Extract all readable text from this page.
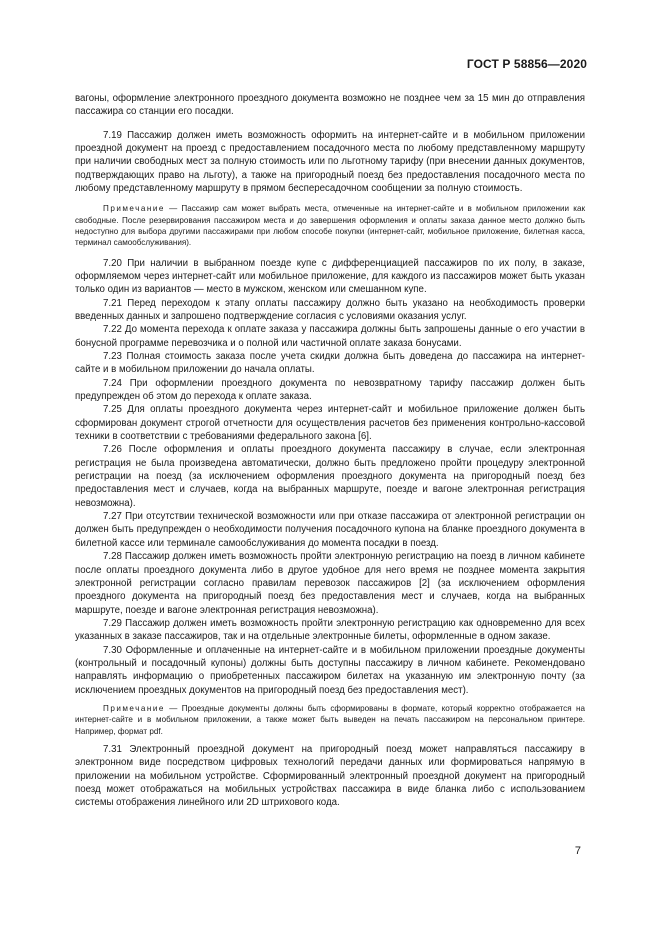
ГОСТ Р 58856—2020

вагоны, оформление электронного проездного документа возможно не позднее чем за 15 мин до отправления пассажира со станции его посадки.

7.19 Пассажир должен иметь возможность оформить на интернет-сайте и в мобильном приложении проездной документ на проезд с предоставлением посадочного места по любому представленному маршруту при наличии свободных мест за полную стоимость или по льготному тарифу (при внесении данных документов, подтверждающих право на льготу), а также на пригородный поезд без предоставления посадочного места по любому представленному маршруту в прямом беспересадочном сообщении за полную стоимость.

Примечание — Пассажир сам может выбрать места, отмеченные на интернет-сайте и в мобильном приложении как свободные. После резервирования пассажиром места и до завершения оформления и оплаты заказа данное место должно быть недоступно для выбора другими пассажирами при любом способе покупки (интернет-сайт, мобильное приложение, билетная касса, терминал самообслуживания).

7.20 При наличии в выбранном поезде купе с дифференциацией пассажиров по их полу, в заказе, оформляемом через интернет-сайт или мобильное приложение, для каждого из пассажиров может быть указан только один из вариантов — место в мужском, женском или смешанном купе.

7.21 Перед переходом к этапу оплаты пассажиру должно быть указано на необходимость проверки введенных данных и запрошено подтверждение согласия с условиями оказания услуг.

7.22 До момента перехода к оплате заказа у пассажира должны быть запрошены данные о его участии в бонусной программе перевозчика и о полной или частичной оплате заказа бонусами.

7.23 Полная стоимость заказа после учета скидки должна быть доведена до пассажира на интернет-сайте и в мобильном приложении до начала оплаты.

7.24 При оформлении проездного документа по невозвратному тарифу пассажир должен быть предупрежден об этом до перехода к оплате заказа.

7.25 Для оплаты проездного документа через интернет-сайт и мобильное приложение должен быть сформирован документ строгой отчетности для осуществления расчетов без применения контрольно-кассовой техники в соответствии с требованиями федерального закона [6].

7.26 После оформления и оплаты проездного документа пассажиру в случае, если электронная регистрация не была произведена автоматически, должно быть предложено пройти процедуру электронной регистрации на поезд (за исключением оформления проездного документа на пригородный поезд без предоставления мест и случаев, когда на выбранных маршруте, поезде и вагоне электронная регистрация невозможна).

7.27 При отсутствии технической возможности или при отказе пассажира от электронной регистрации он должен быть предупрежден о необходимости получения посадочного купона на бланке проездного документа в билетной кассе или терминале самообслуживания до момента посадки в поезд.

7.28 Пассажир должен иметь возможность пройти электронную регистрацию на поезд в личном кабинете после оплаты проездного документа либо в другое удобное для него время не позднее момента закрытия электронной регистрации согласно правилам перевозок пассажиров [2] (за исключением оформления проездного документа на пригородный поезд без предоставления мест и случаев, когда на выбранных маршруте, поезде и вагоне электронная регистрация невозможна).

7.29 Пассажир должен иметь возможность пройти электронную регистрацию как одновременно для всех указанных в заказе пассажиров, так и на отдельные электронные билеты, оформленные в одном заказе.

7.30 Оформленные и оплаченные на интернет-сайте и в мобильном приложении проездные документы (контрольный и посадочный купоны) должны быть доступны пассажиру в личном кабинете. Рекомендовано направлять информацию о приобретенных пассажиром билетах на указанную им электронную почту (за исключением проездных документов на пригородный поезд без предоставления мест).

Примечание — Проездные документы должны быть сформированы в формате, который корректно отображается на интернет-сайте и в мобильном приложении, а также может быть выведен на печать пассажиром на персональном принтере. Например, формат pdf.

7.31 Электронный проездной документ на пригородный поезд может направляться пассажиру в электронном виде посредством цифровых технологий передачи данных или формироваться напрямую в приложении на мобильном устройстве. Сформированный электронный проездной документ на пригородный поезд может отображаться на мобильных устройствах пассажира в виде бланка либо с использованием системы отображения линейного или 2D штрихового кода.

7
